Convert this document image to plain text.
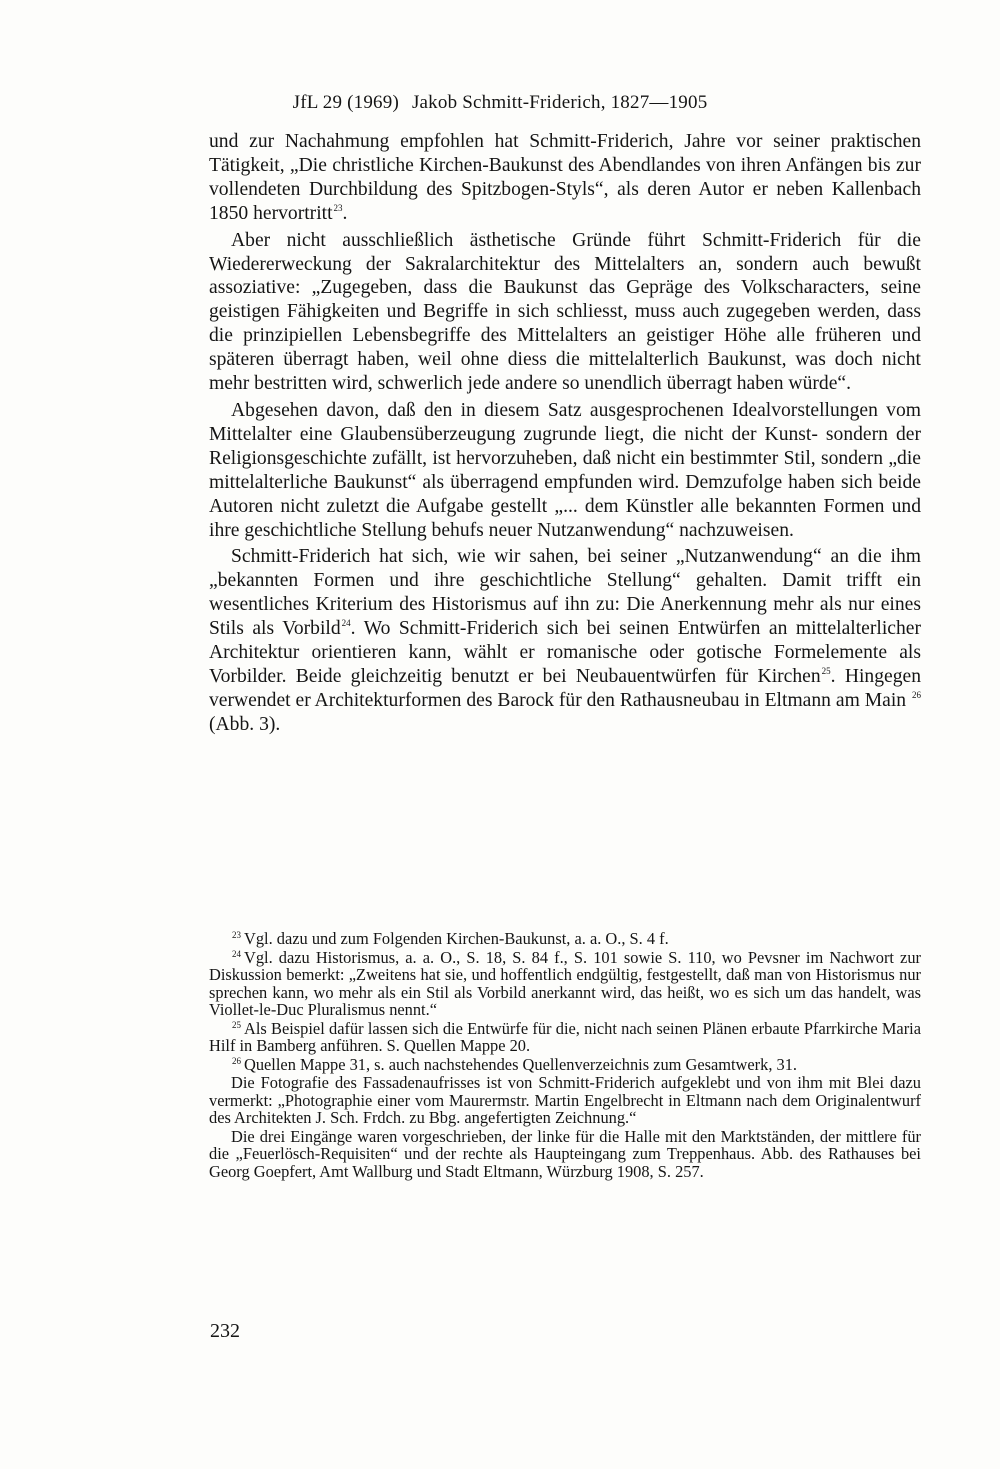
JfL 29 (1969) Jakob Schmitt-Friderich, 1827—1905

und zur Nachahmung empfohlen hat Schmitt-Friderich, Jahre vor seiner praktischen Tätigkeit, „Die christliche Kirchen-Baukunst des Abendlandes von ihren Anfängen bis zur vollendeten Durchbildung des Spitzbogen-Styls“, als deren Autor er neben Kallenbach 1850 hervortritt$^{23}$.

Aber nicht ausschließlich ästhetische Gründe führt Schmitt-Friderich für die Wiedererweckung der Sakralarchitektur des Mittelalters an, sondern auch bewußt assoziative: „Zugegeben, dass die Baukunst das Gepräge des Volkscharacters, seine geistigen Fähigkeiten und Begriffe in sich schliesst, muss auch zugegeben werden, dass die prinzipiellen Lebensbegriffe des Mittelalters an geistiger Höhe alle früheren und späteren überragt haben, weil ohne diess die mittelalterlich Baukunst, was doch nicht mehr bestritten wird, schwerlich jede andere so unendlich überragt haben würde“.

Abgesehen davon, daß den in diesem Satz ausgesprochenen Idealvorstellungen vom Mittelalter eine Glaubensüberzeugung zugrunde liegt, die nicht der Kunst- sondern der Religionsgeschichte zufällt, ist hervorzuheben, daß nicht ein bestimmter Stil, sondern „die mittelalterliche Baukunst“ als überragend empfunden wird. Demzufolge haben sich beide Autoren nicht zuletzt die Aufgabe gestellt „... dem Künstler alle bekannten Formen und ihre geschichtliche Stellung behufs neuer Nutzanwendung“ nachzuweisen.

Schmitt-Friderich hat sich, wie wir sahen, bei seiner „Nutzanwendung“ an die ihm „bekannten Formen und ihre geschichtliche Stellung“ gehalten. Damit trifft ein wesentliches Kriterium des Historismus auf ihn zu: Die Anerkennung mehr als nur eines Stils als Vorbild$^{24}$. Wo Schmitt-Friderich sich bei seinen Entwürfen an mittelalterlicher Architektur orientieren kann, wählt er romanische oder gotische Formelemente als Vorbilder. Beide gleichzeitig benutzt er bei Neubauentwürfen für Kirchen$^{25}$. Hingegen verwendet er Architekturformen des Barock für den Rathausneubau in Eltmann am Main $^{26}$ (Abb. 3).

$^{23}$ Vgl. dazu und zum Folgenden Kirchen-Baukunst, a. a. O., S. 4 f.

$^{24}$ Vgl. dazu Historismus, a. a. O., S. 18, S. 84 f., S. 101 sowie S. 110, wo Pevsner im Nachwort zur Diskussion bemerkt: „Zweitens hat sie, und hoffentlich endgültig, festgestellt, daß man von Historismus nur sprechen kann, wo mehr als ein Stil als Vorbild anerkannt wird, das heißt, wo es sich um das handelt, was Viollet-le-Duc Pluralismus nennt.“

$^{25}$ Als Beispiel dafür lassen sich die Entwürfe für die, nicht nach seinen Plänen erbaute Pfarrkirche Maria Hilf in Bamberg anführen. S. Quellen Mappe 20.

$^{26}$ Quellen Mappe 31, s. auch nachstehendes Quellenverzeichnis zum Gesamtwerk, 31.

Die Fotografie des Fassadenaufrisses ist von Schmitt-Friderich aufgeklebt und von ihm mit Blei dazu vermerkt: „Photographie einer vom Maurermstr. Martin Engelbrecht in Eltmann nach dem Originalentwurf des Architekten J. Sch. Frdch. zu Bbg. angefertigten Zeichnung.“

Die drei Eingänge waren vorgeschrieben, der linke für die Halle mit den Marktständen, der mittlere für die „Feuerlösch-Requisiten“ und der rechte als Haupteingang zum Treppenhaus. Abb. des Rathauses bei Georg Goepfert, Amt Wallburg und Stadt Eltmann, Würzburg 1908, S. 257.

232
